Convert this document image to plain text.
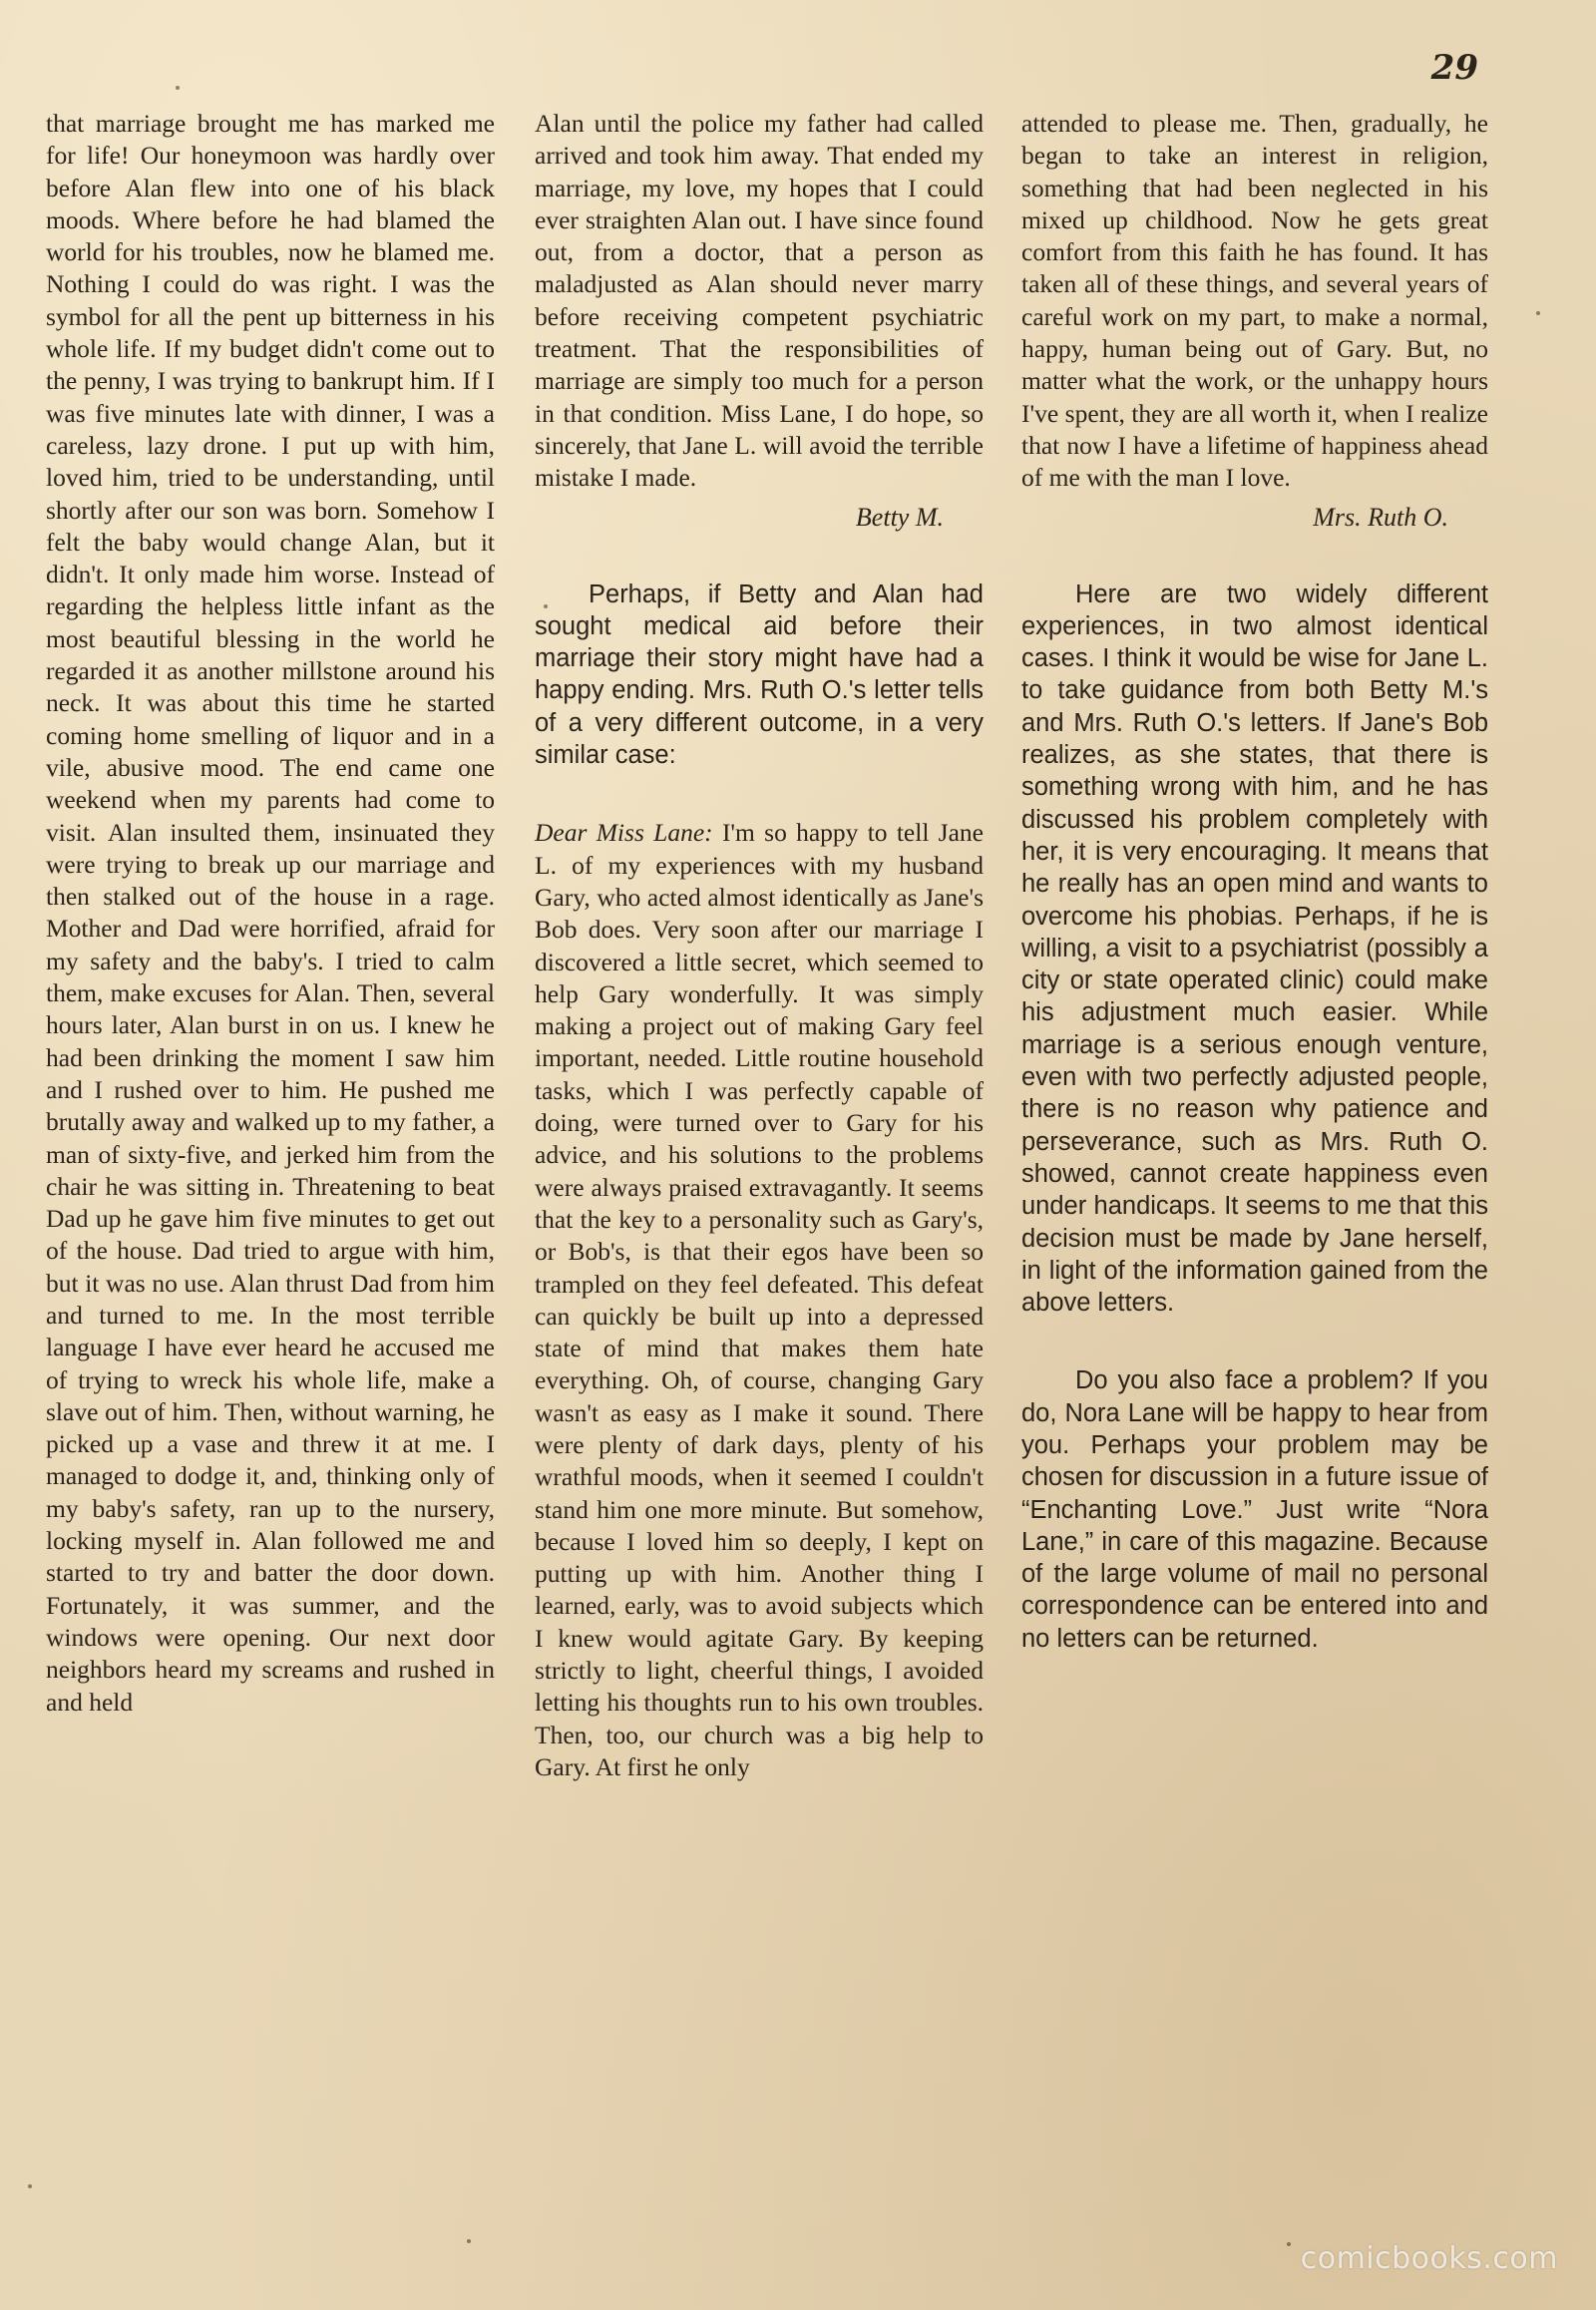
29

that marriage brought me has marked me for life! Our honeymoon was hardly over before Alan flew into one of his black moods. Where before he had blamed the world for his troubles, now he blamed me. Nothing I could do was right. I was the symbol for all the pent up bitterness in his whole life. If my budget didn't come out to the penny, I was trying to bankrupt him. If I was five minutes late with dinner, I was a careless, lazy drone. I put up with him, loved him, tried to be understanding, until shortly after our son was born. Somehow I felt the baby would change Alan, but it didn't. It only made him worse. Instead of regarding the helpless little infant as the most beautiful blessing in the world he regarded it as another millstone around his neck. It was about this time he started coming home smelling of liquor and in a vile, abusive mood. The end came one weekend when my parents had come to visit. Alan insulted them, insinuated they were trying to break up our marriage and then stalked out of the house in a rage. Mother and Dad were horrified, afraid for my safety and the baby's. I tried to calm them, make excuses for Alan. Then, several hours later, Alan burst in on us. I knew he had been drinking the moment I saw him and I rushed over to him. He pushed me brutally away and walked up to my father, a man of sixty-five, and jerked him from the chair he was sitting in. Threatening to beat Dad up he gave him five minutes to get out of the house. Dad tried to argue with him, but it was no use. Alan thrust Dad from him and turned to me. In the most terrible language I have ever heard he accused me of trying to wreck his whole life, make a slave out of him. Then, without warning, he picked up a vase and threw it at me. I managed to dodge it, and, thinking only of my baby's safety, ran up to the nursery, locking myself in. Alan followed me and started to try and batter the door down. Fortunately, it was summer, and the windows were opening. Our next door neighbors heard my screams and rushed in and held

Alan until the police my father had called arrived and took him away. That ended my marriage, my love, my hopes that I could ever straighten Alan out. I have since found out, from a doctor, that a person as maladjusted as Alan should never marry before receiving competent psychiatric treatment. That the responsibilities of marriage are simply too much for a person in that condition. Miss Lane, I do hope, so sincerely, that Jane L. will avoid the terrible mistake I made.

Betty M.

Perhaps, if Betty and Alan had sought medical aid before their marriage their story might have had a happy ending. Mrs. Ruth O.'s letter tells of a very different outcome, in a very similar case:

Dear Miss Lane: I'm so happy to tell Jane L. of my experiences with my husband Gary, who acted almost identically as Jane's Bob does. Very soon after our marriage I discovered a little secret, which seemed to help Gary wonderfully. It was simply making a project out of making Gary feel important, needed. Little routine household tasks, which I was perfectly capable of doing, were turned over to Gary for his advice, and his solutions to the problems were always praised extravagantly. It seems that the key to a personality such as Gary's, or Bob's, is that their egos have been so trampled on they feel defeated. This defeat can quickly be built up into a depressed state of mind that makes them hate everything. Oh, of course, changing Gary wasn't as easy as I make it sound. There were plenty of dark days, plenty of his wrathful moods, when it seemed I couldn't stand him one more minute. But somehow, because I loved him so deeply, I kept on putting up with him. Another thing I learned, early, was to avoid subjects which I knew would agitate Gary. By keeping strictly to light, cheerful things, I avoided letting his thoughts run to his own troubles. Then, too, our church was a big help to Gary. At first he only

attended to please me. Then, gradually, he began to take an interest in religion, something that had been neglected in his mixed up childhood. Now he gets great comfort from this faith he has found. It has taken all of these things, and several years of careful work on my part, to make a normal, happy, human being out of Gary. But, no matter what the work, or the unhappy hours I've spent, they are all worth it, when I realize that now I have a lifetime of happiness ahead of me with the man I love.

Mrs. Ruth O.

Here are two widely different experiences, in two almost identical cases. I think it would be wise for Jane L. to take guidance from both Betty M.'s and Mrs. Ruth O.'s letters. If Jane's Bob realizes, as she states, that there is something wrong with him, and he has discussed his problem completely with her, it is very encouraging. It means that he really has an open mind and wants to overcome his phobias. Perhaps, if he is willing, a visit to a psychiatrist (possibly a city or state operated clinic) could make his adjustment much easier. While marriage is a serious enough venture, even with two perfectly adjusted people, there is no reason why patience and perseverance, such as Mrs. Ruth O. showed, cannot create happiness even under handicaps. It seems to me that this decision must be made by Jane herself, in light of the information gained from the above letters.

Do you also face a problem? If you do, Nora Lane will be happy to hear from you. Perhaps your problem may be chosen for discussion in a future issue of “Enchanting Love.” Just write “Nora Lane,” in care of this magazine. Because of the large volume of mail no personal correspondence can be entered into and no letters can be returned.

comicbooks.com
